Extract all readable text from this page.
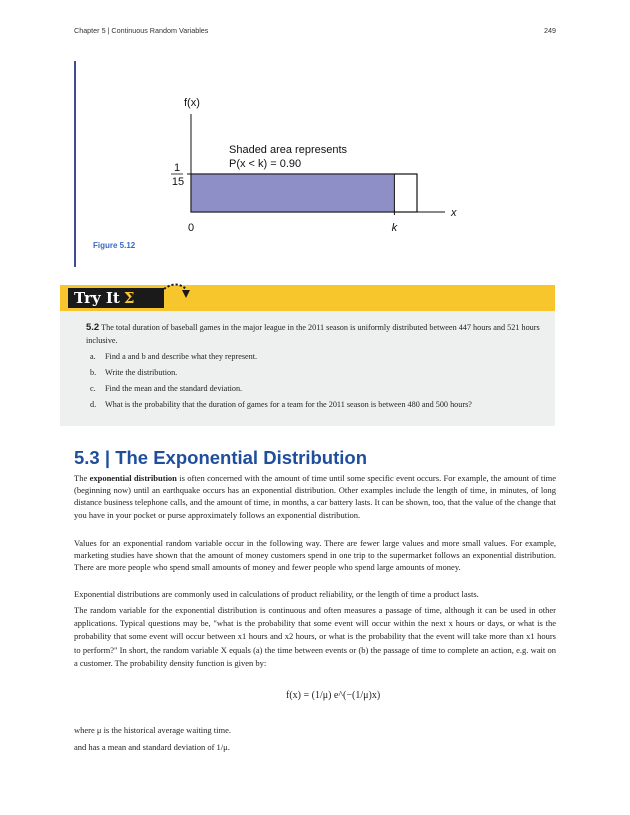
Chapter 5 | Continuous Random Variables	249
f(x)
x
1
15
Shaded area represents
P(x < k) = 0.90
0	k
Figure 5.12
Try It Σ
5.2 The total duration of baseball games in the major league in the 2011 season is uniformly distributed between 447 hours and 521 hours inclusive.
a. Find a and b and describe what they represent.
b. Write the distribution.
c. Find the mean and the standard deviation.
d. What is the probability that the duration of games for a team for the 2011 season is between 480 and 500 hours?
5.3 | The Exponential Distribution

The exponential distribution is often concerned with the amount of time until some specific event occurs. For example, the amount of time (beginning now) until an earthquake occurs has an exponential distribution. Other examples include the length of time, in minutes, of long distance business telephone calls, and the amount of time, in months, a car battery lasts. It can be shown, too, that the value of the change that you have in your pocket or purse approximately follows an exponential distribution.

Values for an exponential random variable occur in the following way. There are fewer large values and more small values. For example, marketing studies have shown that the amount of money customers spend in one trip to the supermarket follows an exponential distribution. There are more people who spend small amounts of money and fewer people who spend large amounts of money.

Exponential distributions are commonly used in calculations of product reliability, or the length of time a product lasts.

The random variable for the exponential distribution is continuous and often measures a passage of time, although it can be used in other applications. Typical questions may be, "what is the probability that some event will occur within the next x hours or days, or what is the probability that some event will occur between x1 hours and x2 hours, or what is the probability that the event will take more than x1 hours to perform?" In short, the random variable X equals (a) the time between events or (b) the passage of time to complete an action, e.g. wait on a customer. The probability density function is given by:

f(x) = (1/μ) e^(−(1/μ)x)

where μ is the historical average waiting time.

and has a mean and standard deviation of 1/μ.
